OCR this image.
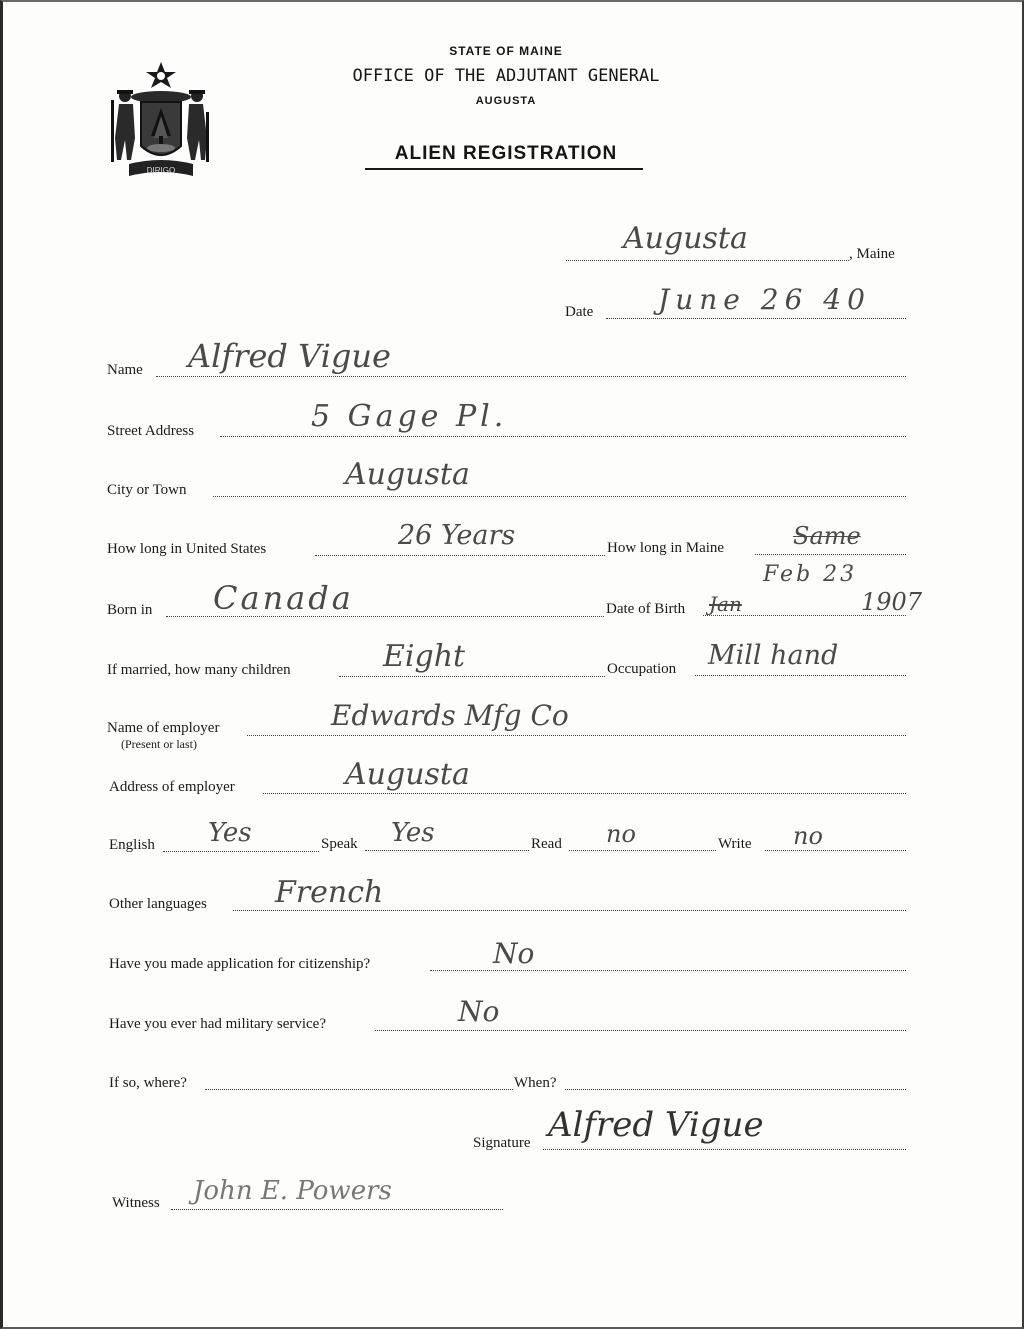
DIRIGO
STATE OF MAINE
OFFICE OF THE ADJUTANT GENERAL
AUGUSTA
ALIEN REGISTRATION
Augusta	, Maine
Date June 26 40
Name Alfred Vigue
Street Address	5 Gage Pl.
City or Town	Augusta
How long in United States	26 Years	How long in Maine	Same
Born in Canada	Date of Birth
Feb 23
Jan	1907
If married, how many children	Eight	Occupation Mill hand
Name of employer
(Present or last)
Edwards Mfg Co
Address of employer	Augusta
English Yes	Speak Yes	Read no	Write no
Other languages French
Have you made application for citizenship?	No
Have you ever had military service?	No
If so, where?	When?
Signature Alfred Vigue
Witness John E. Powers
